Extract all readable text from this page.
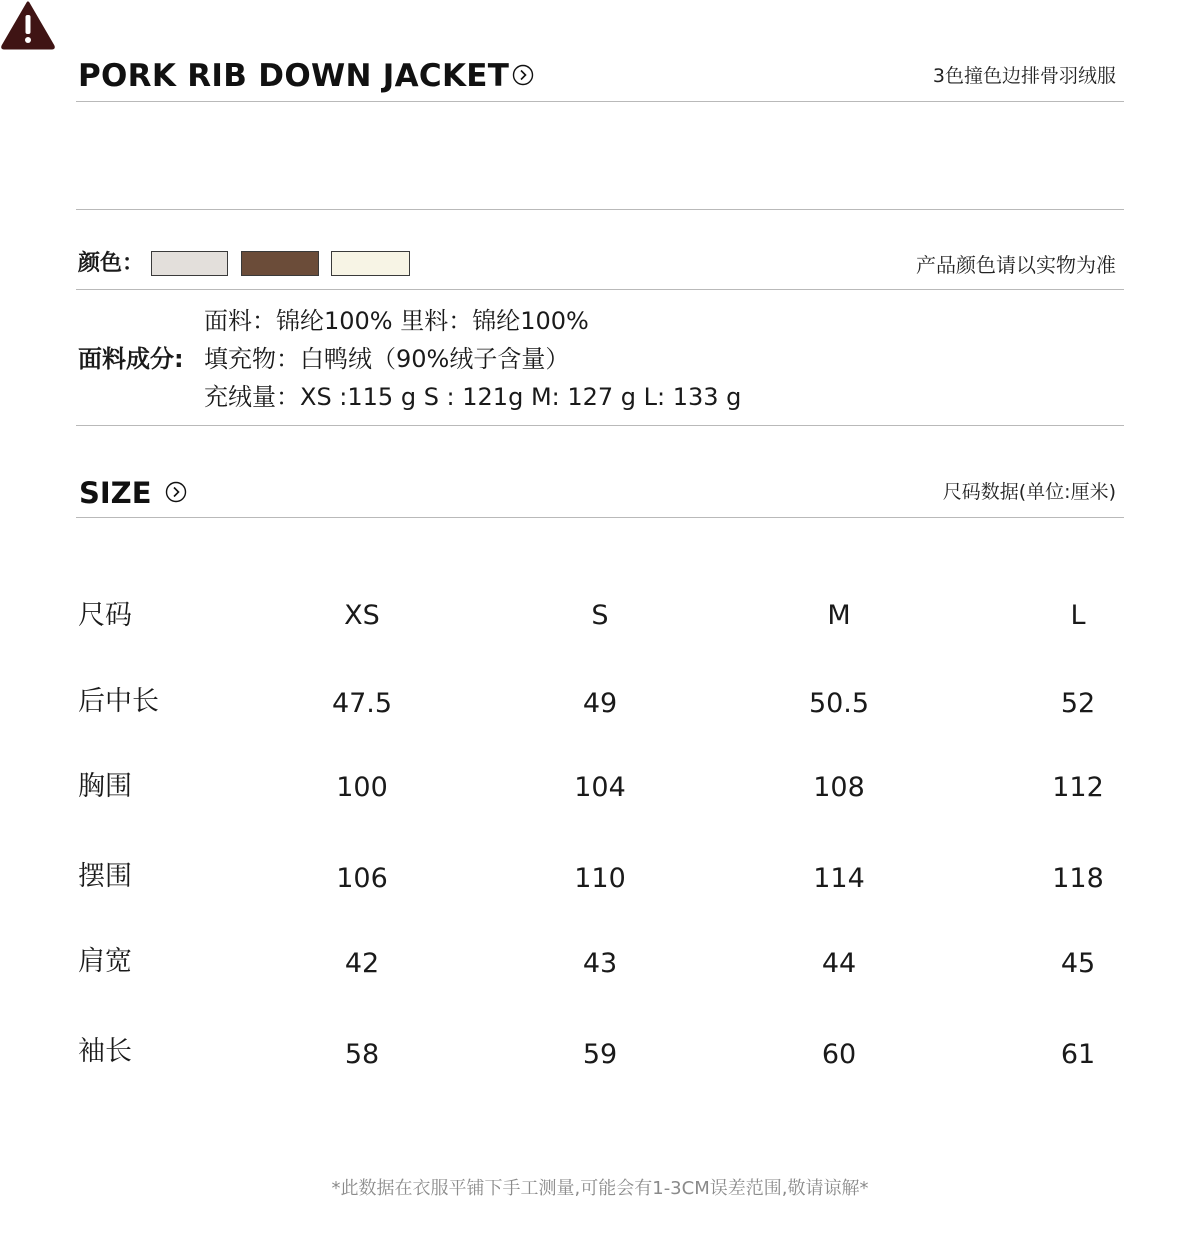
PORK RIB DOWN JACKET	3色撞色边排骨羽绒服
颜色：	产品颜色请以实物为准
面料成分:
面料：锦纶100% 里料：锦纶100%
填充物：白鸭绒（90%绒子含量）
充绒量：XS :115 g S : 121g M: 127 g L: 133 g
SIZE	尺码数据(单位:厘米)
尺码	XS	S	M	L
后中长	47.5	49	50.5	52
胸围	100	104	108	112
摆围	106	110	114	118
肩宽	42	43	44	45
袖长	58	59	60	61
*此数据在衣服平铺下手工测量,可能会有1-3CM误差范围,敬请谅解*
